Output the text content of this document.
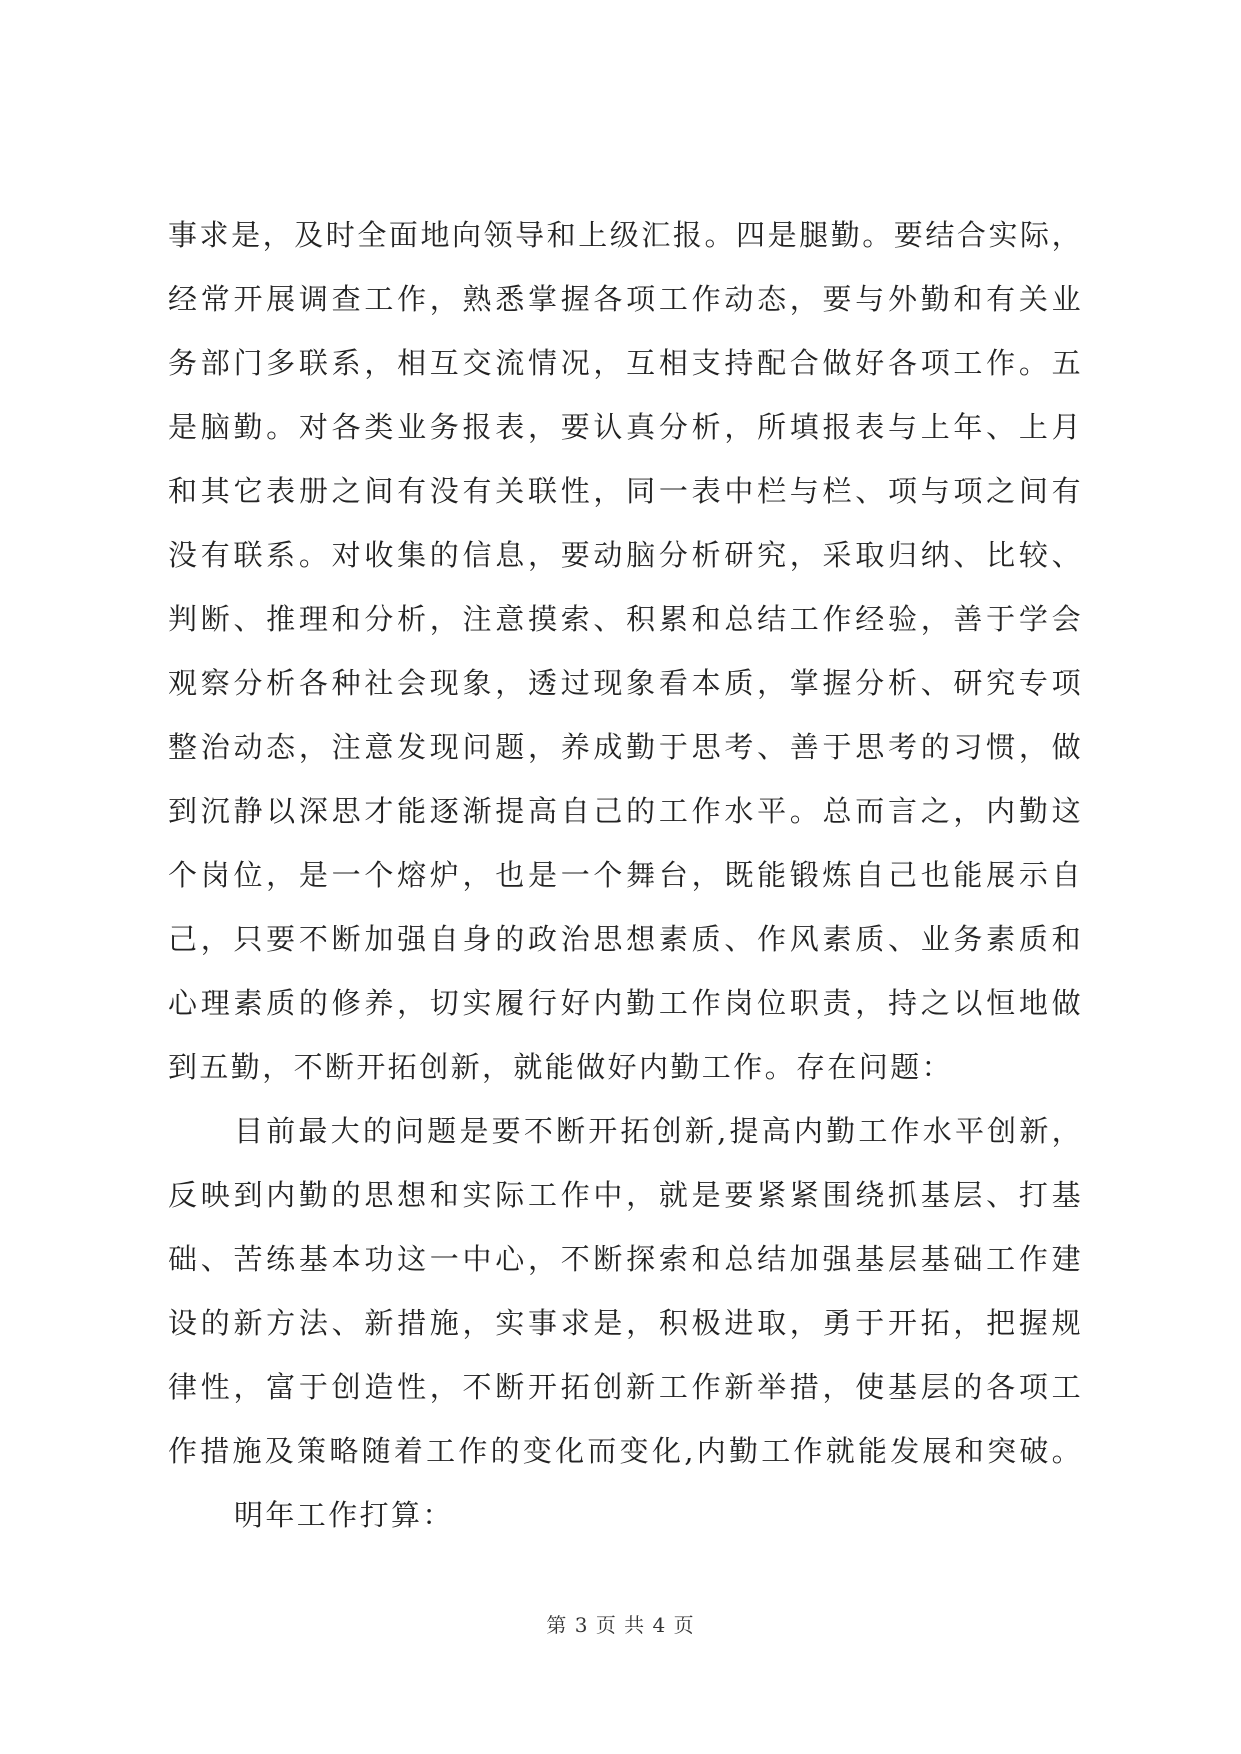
事求是，及时全面地向领导和上级汇报。四是腿勤。要结合实际，
经常开展调查工作，熟悉掌握各项工作动态，要与外勤和有关业
务部门多联系，相互交流情况，互相支持配合做好各项工作。五
是脑勤。对各类业务报表，要认真分析，所填报表与上年、上月
和其它表册之间有没有关联性，同一表中栏与栏、项与项之间有
没有联系。对收集的信息，要动脑分析研究，采取归纳、比较、
判断、推理和分析，注意摸索、积累和总结工作经验，善于学会
观察分析各种社会现象，透过现象看本质，掌握分析、研究专项
整治动态，注意发现问题，养成勤于思考、善于思考的习惯，做
到沉静以深思才能逐渐提高自己的工作水平。总而言之，内勤这
个岗位，是一个熔炉，也是一个舞台，既能锻炼自己也能展示自
己，只要不断加强自身的政治思想素质、作风素质、业务素质和
心理素质的修养，切实履行好内勤工作岗位职责，持之以恒地做
到五勤，不断开拓创新，就能做好内勤工作。存在问题：
目前最大的问题是要不断开拓创新,提高内勤工作水平创新，
反映到内勤的思想和实际工作中，就是要紧紧围绕抓基层、打基
础、苦练基本功这一中心，不断探索和总结加强基层基础工作建
设的新方法、新措施，实事求是，积极进取，勇于开拓，把握规
律性，富于创造性，不断开拓创新工作新举措，使基层的各项工
作措施及策略随着工作的变化而变化,内勤工作就能发展和突破。
明年工作打算：
第 3 页 共 4 页
